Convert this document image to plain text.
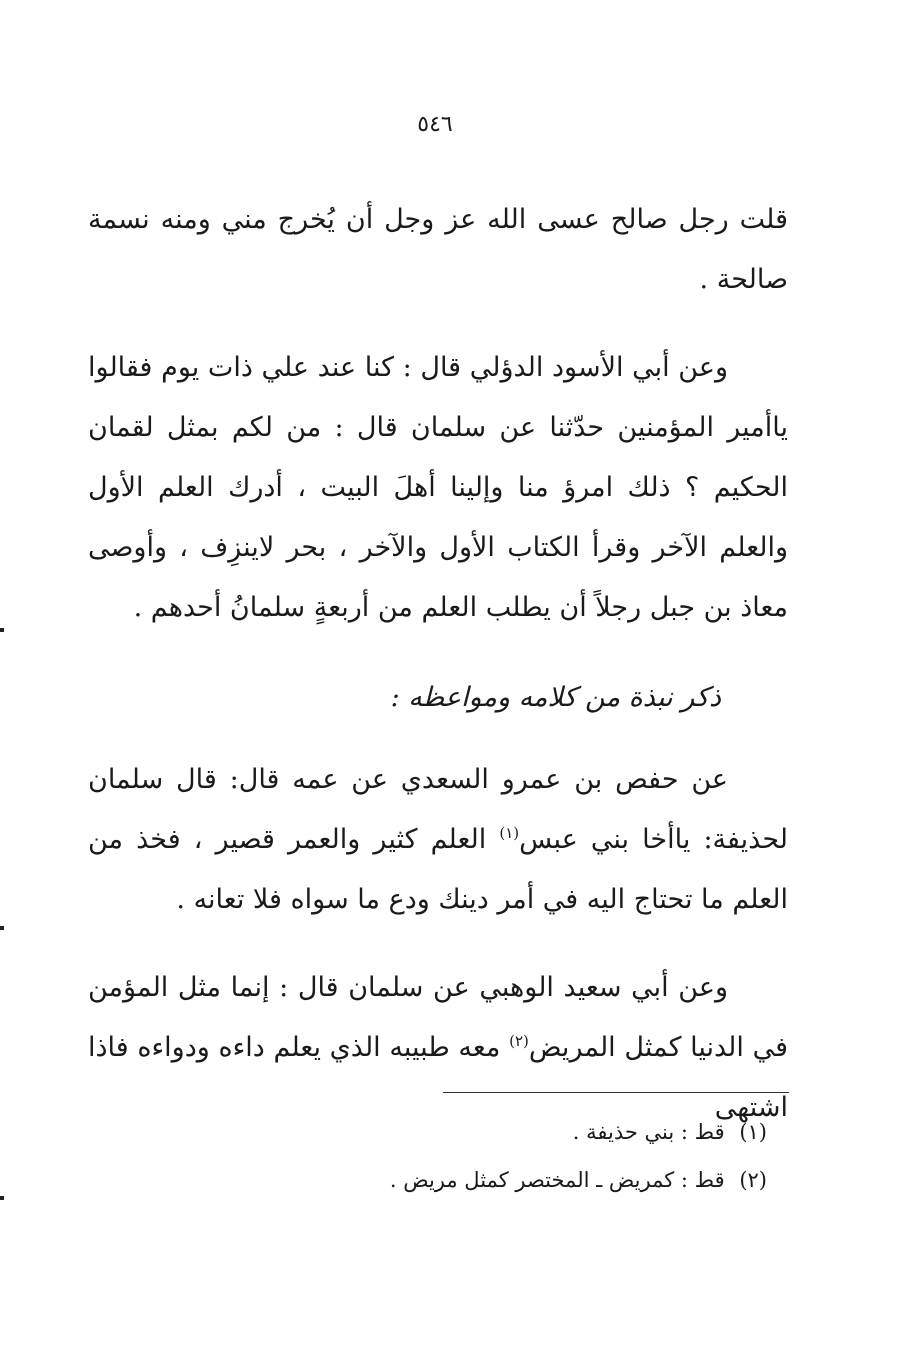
٥٤٦
قلت رجل صالح عسى الله عز وجل أن يُخرج مني ومنه نسمة صالحة .
وعن أبي الأسود الدؤلي قال : كنا عند علي ذات يوم فقالوا ياأمير المؤمنين حدّثنا عن سلمان قال : من لكم بمثل لقمان الحكيم ؟ ذلك امرؤ منا وإلينا أهلَ البيت ، أدرك العلم الأول والعلم الآخر وقرأ الكتاب الأول والآخر ، بحر لاينزِف ، وأوصى معاذ بن جبل رجلاً أن يطلب العلم من أربعةٍ سلمانُ أحدهم .
ذكر نبذة من كلامه ومواعظه :
عن حفص بن عمرو السعدي عن عمه قال: قال سلمان لحذيفة: ياأخا بني عبس$^{(١)}$ العلم كثير والعمر قصير ، فخذ من العلم ما تحتاج اليه في أمر دينك ودع ما سواه فلا تعانه .
وعن أبي سعيد الوهبي عن سلمان قال : إنما مثل المؤمن في الدنيا كمثل المريض$^{(٢)}$ معه طبيبه الذي يعلم داءه ودواءه فاذا اشتهى
(١) قط : بني حذيفة .
(٢) قط : كمريض ـ المختصر كمثل مريض .
